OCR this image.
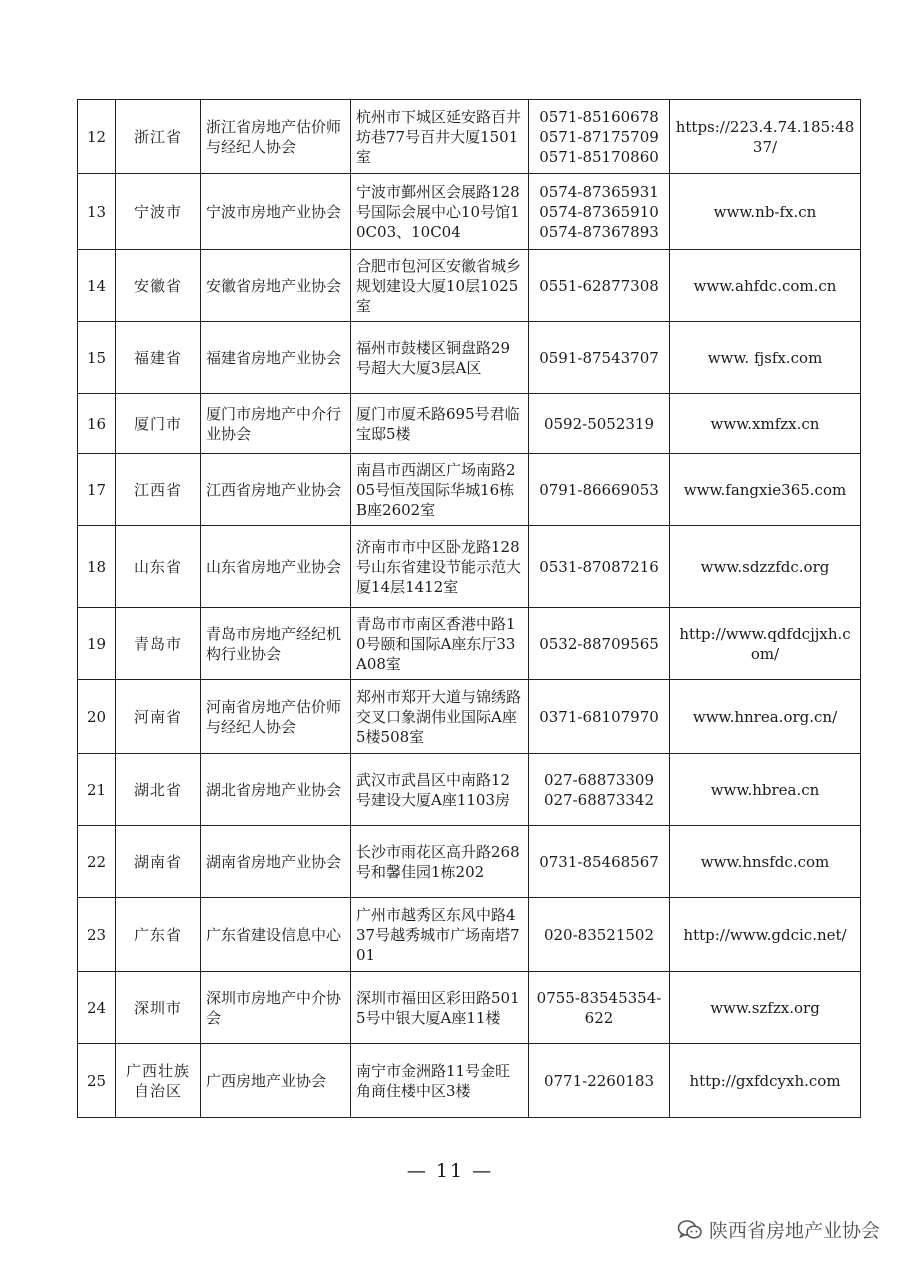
12	浙江省	浙江省房地产估价师与经纪人协会	杭州市下城区延安路百井坊巷77号百井大厦1501室	0571-85160678
0571-87175709
0571-85170860	https://223.4.74.185:4837/
13	宁波市	宁波市房地产业协会	宁波市鄞州区会展路128号国际会展中心10号馆10C03、10C04	0574-87365931
0574-87365910
0574-87367893	www.nb-fx.cn
14	安徽省	安徽省房地产业协会	合肥市包河区安徽省城乡规划建设大厦10层1025室	0551-62877308	www.ahfdc.com.cn
15	福建省	福建省房地产业协会	福州市鼓楼区铜盘路29号超大大厦3层A区	0591-87543707	www. fjsfx.com
16	厦门市	厦门市房地产中介行业协会	厦门市厦禾路695号君临宝邸5楼	0592-5052319	www.xmfzx.cn
17	江西省	江西省房地产业协会	南昌市西湖区广场南路205号恒茂国际华城16栋B座2602室	0791-86669053	www.fangxie365.com
18	山东省	山东省房地产业协会	济南市市中区卧龙路128号山东省建设节能示范大厦14层1412室	0531-87087216	www.sdzzfdc.org
19	青岛市	青岛市房地产经纪机构行业协会	青岛市市南区香港中路10号颐和国际A座东厅33A08室	0532-88709565	http://www.qdfdcjjxh.com/
20	河南省	河南省房地产估价师与经纪人协会	郑州市郑开大道与锦绣路交叉口象湖伟业国际A座5楼508室	0371-68107970	www.hnrea.org.cn/
21	湖北省	湖北省房地产业协会	武汉市武昌区中南路12号建设大厦A座1103房	027-68873309
027-68873342	www.hbrea.cn
22	湖南省	湖南省房地产业协会	长沙市雨花区高升路268号和馨佳园1栋202	0731-85468567	www.hnsfdc.com
23	广东省	广东省建设信息中心	广州市越秀区东风中路437号越秀城市广场南塔701	020-83521502	http://www.gdcic.net/
24	深圳市	深圳市房地产中介协会	深圳市福田区彩田路5015号中银大厦A座11楼	0755-83545354-622	www.szfzx.org
25	广西壮族自治区	广西房地产业协会	南宁市金洲路11号金旺角商住楼中区3楼	0771-2260183	http://gxfdcyxh.com
— 11 —
陕西省房地产业协会
